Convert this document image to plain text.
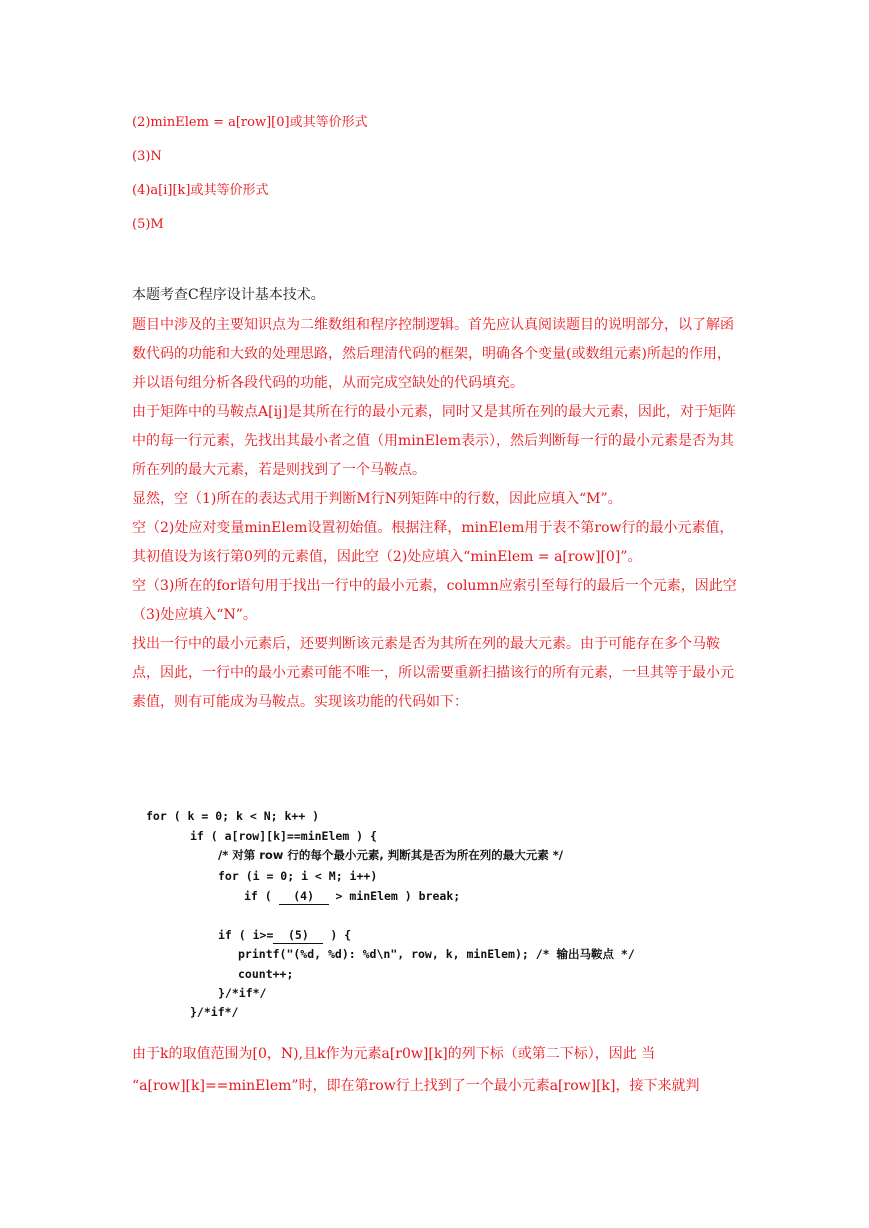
(2)minElem = a[row][0]或其等价形式
(3)N
(4)a[i][k]或其等价形式
(5)M
本题考查C程序设计基本技术。

题目中涉及的主要知识点为二维数组和程序控制逻辑。首先应认真阅读题目的说明部分，以了解函数代码的功能和大致的处理思路，然后理清代码的框架，明确各个变量(或数组元素)所起的作用，并以语句组分析各段代码的功能，从而完成空缺处的代码填充。

由于矩阵中的马鞍点A[ij]是其所在行的最小元素，同时又是其所在列的最大元素，因此，对于矩阵中的每一行元素，先找出其最小者之值（用minElem表示），然后判断每一行的最小元素是否为其所在列的最大元素，若是则找到了一个马鞍点。

显然，空（1)所在的表达式用于判断M行N列矩阵中的行数，因此应填入“M”。

空（2)处应对变量minElem设置初始值。根据注释，minElem用于表不第row行的最小元素值，其初值设为该行第0列的元素值，因此空（2)处应填入“minElem = a[row][0]”。

空（3)所在的for语句用于找出一行中的最小元素，column应索引至每行的最后一个元素，因此空（3)处应填入“N”。

找出一行中的最小元素后，还要判断该元素是否为其所在列的最大元素。由于可能存在多个马鞍点，因此，一行中的最小元素可能不唯一，所以需要重新扫描该行的所有元素，一旦其等于最小元素值，则有可能成为马鞍点。实现该功能的代码如下：

for ( k = 0; k < N; k++ )
if ( a[row][k]==minElem ) {
/* 对第 row 行的每个最小元素, 判断其是否为所在列的最大元素 */
for (i = 0; i < M; i++)
if ( (4) > minElem ) break;
if ( i>= (5) ) {
printf("(%d, %d): %d\n", row, k, minElem); /* 输出马鞍点 */
count++;
}/*if*/
}/*if*/
由于k的取值范围为[0，N),且k作为元素a[r0w][k]的列下标（或第二下标），因此 当
“a[row][k]==minElem”时，即在第row行上找到了一个最小元素a[row][k]，接下来就判
